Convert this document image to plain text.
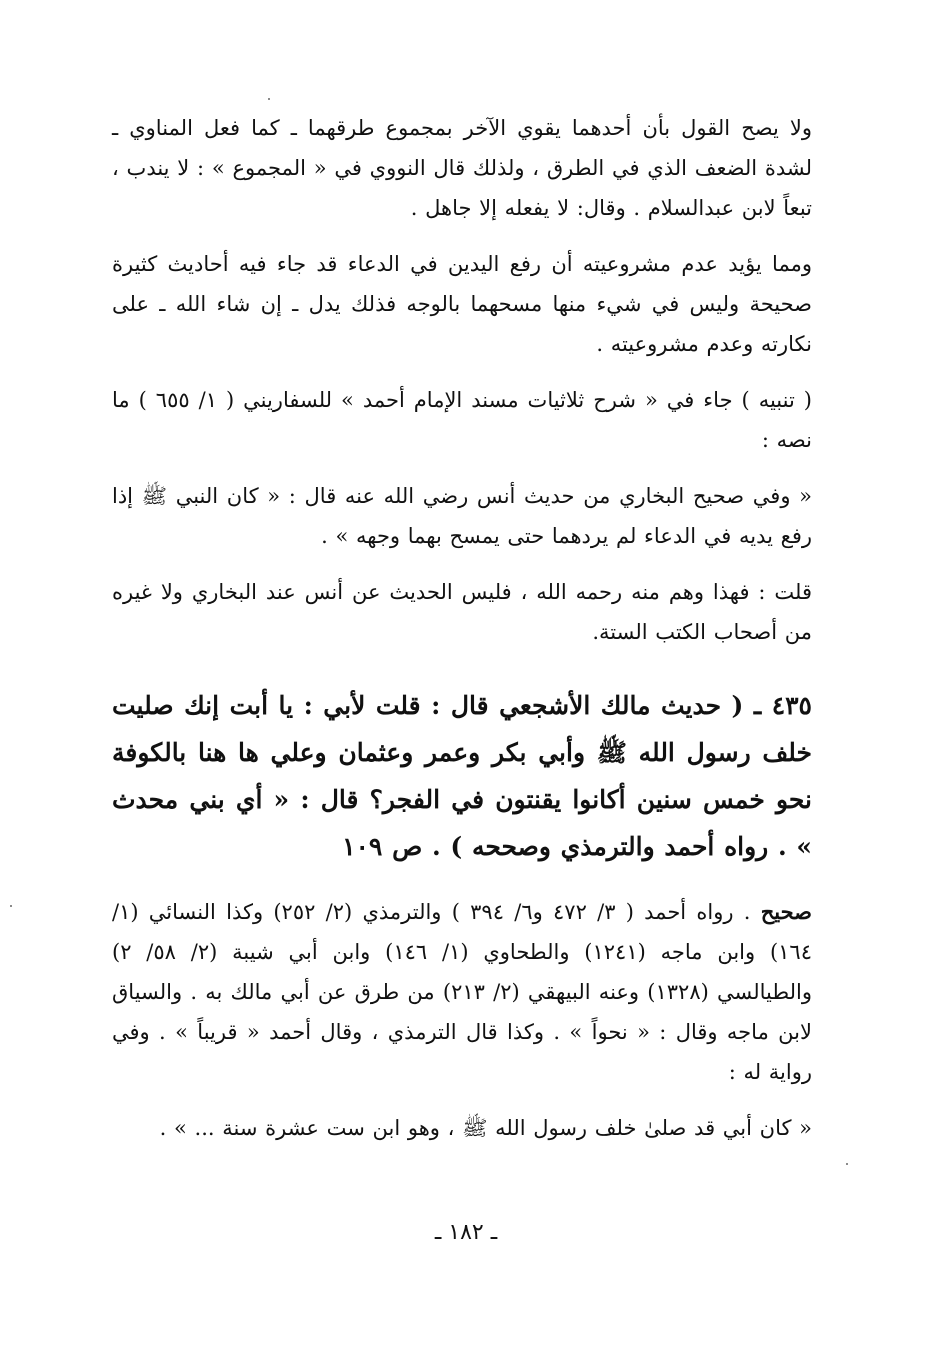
ولا يصح القول بأن أحدهما يقوي الآخر بمجموع طرقهما ـ كما فعل المناوي ـ لشدة الضعف الذي في الطرق ، ولذلك قال النووي في « المجموع » : لا يندب ، تبعاً لابن عبدالسلام . وقال: لا يفعله إلا جاهل .

ومما يؤيد عدم مشروعيته أن رفع اليدين في الدعاء قد جاء فيه أحاديث كثيرة صحيحة وليس في شيء منها مسحهما بالوجه فذلك يدل ـ إن شاء الله ـ على نكارته وعدم مشروعيته .

( تنبيه ) جاء في « شرح ثلاثيات مسند الإمام أحمد » للسفاريني ( ١/ ٦٥٥ ) ما نصه :

« وفي صحيح البخاري من حديث أنس رضي الله عنه قال : « كان النبي ﷺ إذا رفع يديه في الدعاء لم يردهما حتى يمسح بهما وجهه » .

قلت : فهذا وهم منه رحمه الله ، فليس الحديث عن أنس عند البخاري ولا غيره من أصحاب الكتب الستة.

٤٣٥ ـ ( حديث مالك الأشجعي قال : قلت لأبي : يا أبت إنك صليت خلف رسول الله ﷺ وأبي بكر وعمر وعثمان وعلي ها هنا بالكوفة نحو خمس سنين أكانوا يقنتون في الفجر؟ قال : « أي بني محدث » . رواه أحمد والترمذي وصححه ) . ص ١٠٩

صحيح . رواه أحمد ( ٣/ ٤٧٢ و٦/ ٣٩٤ ) والترمذي (٢/ ٢٥٢) وكذا النسائي (١/ ١٦٤) وابن ماجه (١٢٤١) والطحاوي (١/ ١٤٦) وابن أبي شيبة (٢/ ٥٨/ ٢) والطيالسي (١٣٢٨) وعنه البيهقي (٢/ ٢١٣) من طرق عن أبي مالك به . والسياق لابن ماجه وقال : « نحواً » . وكذا قال الترمذي ، وقال أحمد « قريباً » . وفي رواية له :

« كان أبي قد صلىٰ خلف رسول الله ﷺ ، وهو ابن ست عشرة سنة ... » .

ـ ١٨٢ ـ
